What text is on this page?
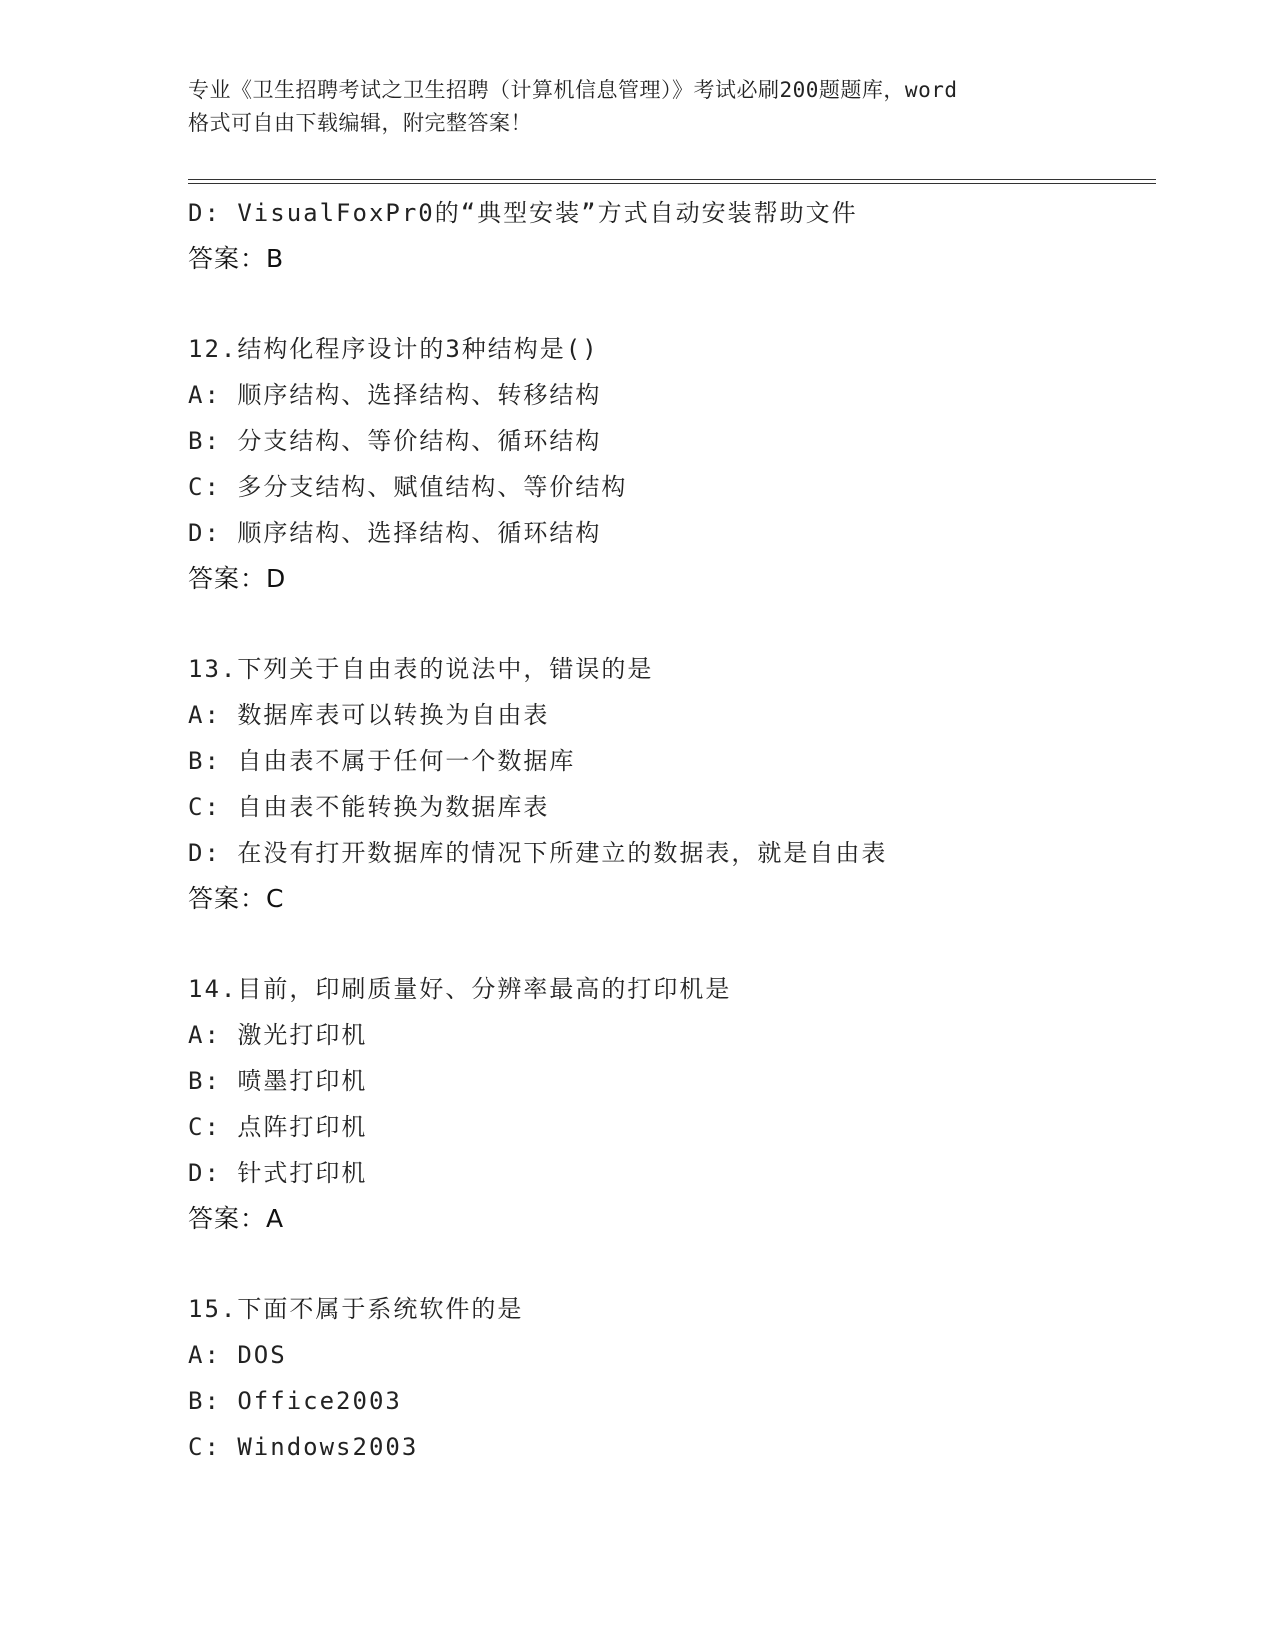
专业《卫生招聘考试之卫生招聘（计算机信息管理）》考试必刷200题题库，word
格式可自由下载编辑，附完整答案！
D: VisualFoxPr0的“典型安装”方式自动安装帮助文件
答案：B
12.结构化程序设计的3种结构是()
A: 顺序结构、选择结构、转移结构
B: 分支结构、等价结构、循环结构
C: 多分支结构、赋值结构、等价结构
D: 顺序结构、选择结构、循环结构
答案：D
13.下列关于自由表的说法中，错误的是
A: 数据库表可以转换为自由表
B: 自由表不属于任何一个数据库
C: 自由表不能转换为数据库表
D: 在没有打开数据库的情况下所建立的数据表，就是自由表
答案：C
14.目前，印刷质量好、分辨率最高的打印机是
A: 激光打印机
B: 喷墨打印机
C: 点阵打印机
D: 针式打印机
答案：A
15.下面不属于系统软件的是
A: DOS
B: Office2003
C: Windows2003
